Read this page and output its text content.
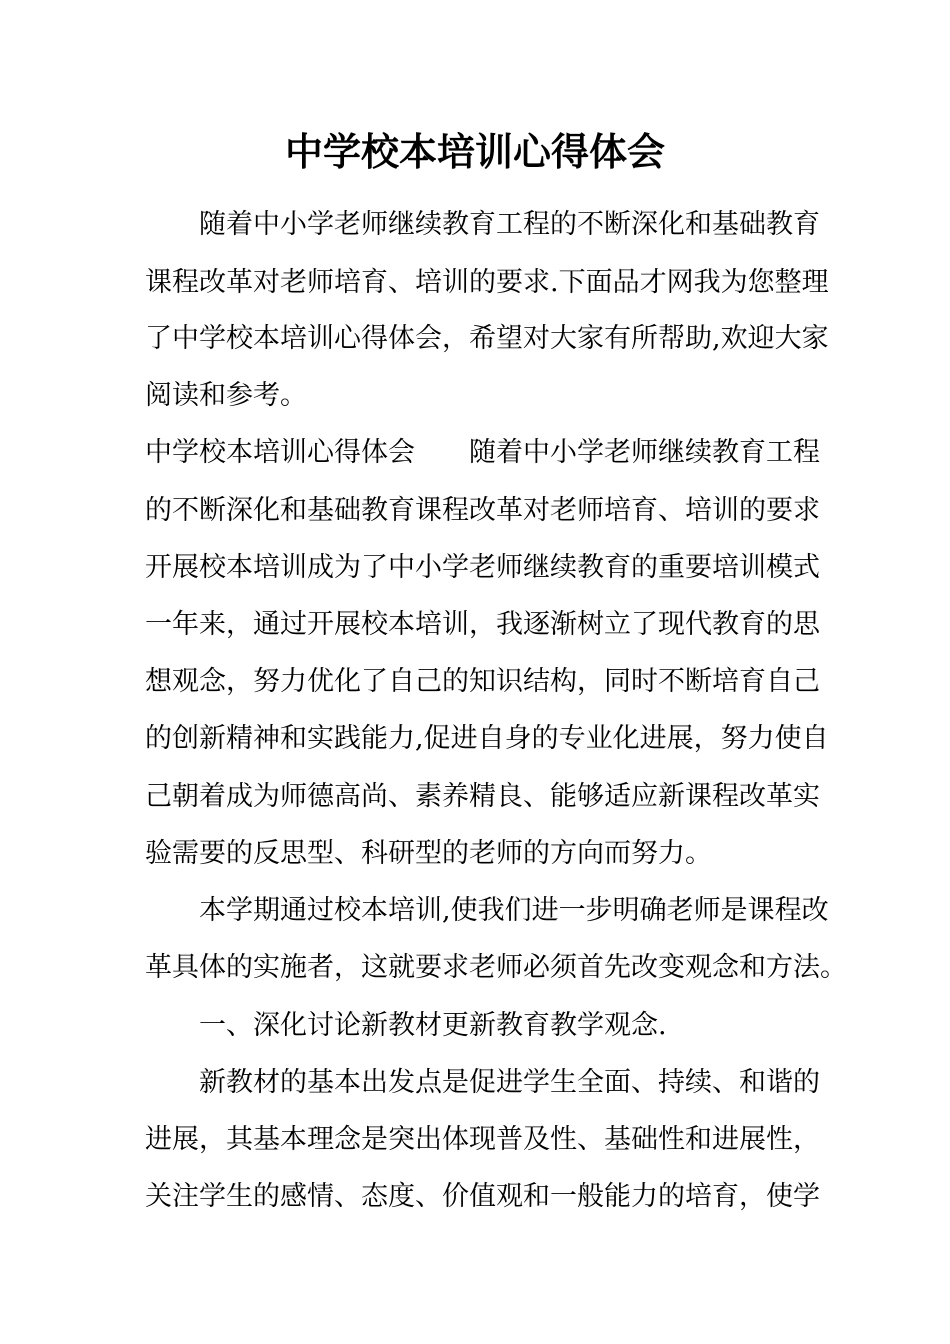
中学校本培训心得体会

　　随着中小学老师继续教育工程的不断深化和基础教育

课程改革对老师培育、培训的要求.下面品才网我为您整理

了中学校本培训心得体会，希望对大家有所帮助,欢迎大家

阅读和参考。

中学校本培训心得体会　　随着中小学老师继续教育工程

的不断深化和基础教育课程改革对老师培育、培训的要求

开展校本培训成为了中小学老师继续教育的重要培训模式

一年来，通过开展校本培训，我逐渐树立了现代教育的思

想观念，努力优化了自己的知识结构，同时不断培育自己

的创新精神和实践能力,促进自身的专业化进展，努力使自

己朝着成为师德高尚、素养精良、能够适应新课程改革实

验需要的反思型、科研型的老师的方向而努力。

　　本学期通过校本培训,使我们进一步明确老师是课程改

革具体的实施者，这就要求老师必须首先改变观念和方法。

　　一、深化讨论新教材更新教育教学观念.

　　新教材的基本出发点是促进学生全面、持续、和谐的

进展，其基本理念是突出体现普及性、基础性和进展性，

关注学生的感情、态度、价值观和一般能力的培育，使学
